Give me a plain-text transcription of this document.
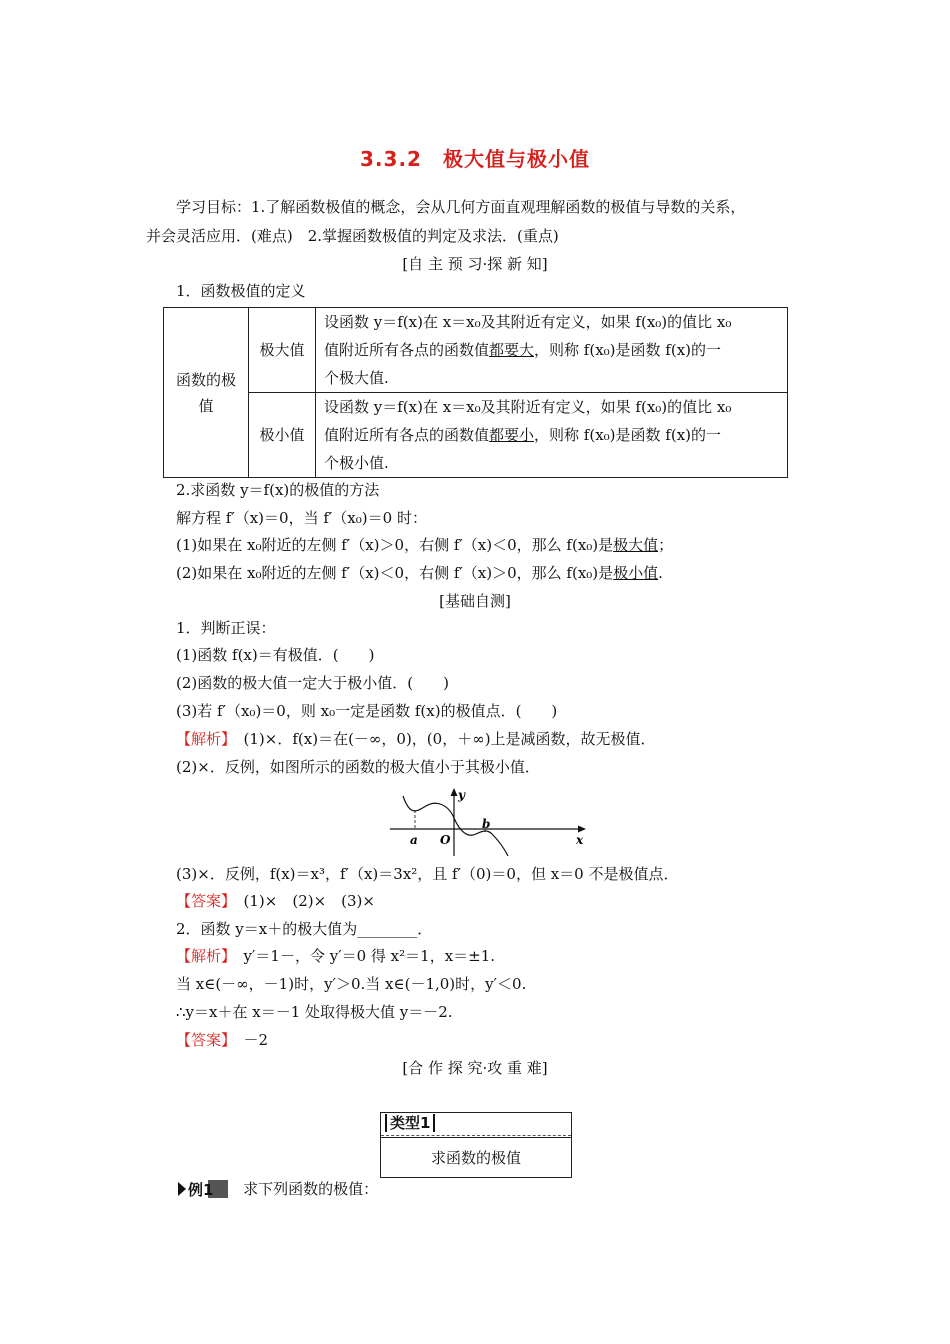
3.3.2　极大值与极小值
学习目标：1.了解函数极值的概念，会从几何方面直观理解函数的极值与导数的关系，
并会灵活应用．(难点)　2.掌握函数极值的判定及求法．(重点)
[自 主 预 习·探 新 知]
1．函数极值的定义
函数的极
值	极大值	设函数 y＝f(x)在 x＝x₀及其附近有定义，如果 f(x₀)的值比 x₀
值附近所有各点的函数值都要大，则称 f(x₀)是函数 f(x)的一
个极大值.
	极小值	设函数 y＝f(x)在 x＝x₀及其附近有定义，如果 f(x₀)的值比 x₀
值附近所有各点的函数值都要小，则称 f(x₀)是函数 f(x)的一
个极小值.
2.求函数 y＝f(x)的极值的方法
解方程 f′（x)＝0，当 f′（x₀)＝0 时：
(1)如果在 x₀附近的左侧 f′（x)＞0，右侧 f′（x)＜0，那么 f(x₀)是极大值；
(2)如果在 x₀附近的左侧 f′（x)＜0，右侧 f′（x)＞0，那么 f(x₀)是极小值.
[基础自测]
1．判断正误：
(1)函数 f(x)＝有极值．(　　)
(2)函数的极大值一定大于极小值．(　　)
(3)若 f′（x₀)＝0，则 x₀一定是函数 f(x)的极值点．(　　)
【解析】　 (1)×．f(x)＝在(－∞，0)，(0，＋∞)上是减函数，故无极值．
(2)×．反例，如图所示的函数的极大值小于其极小值．
a O
b
x
y
(3)×．反例，f(x)＝x³，f′（x)＝3x²，且 f′（0)＝0，但 x＝0 不是极值点．
【答案】　 (1)×　(2)×　(3)×
2．函数 y＝x＋的极大值为________．
【解析】　 y′＝1－，令 y′＝0 得 x²＝1，x＝±1.
当 x∈(－∞，－1)时，y′＞0.当 x∈(－1,0)时，y′＜0.
∴y＝x＋在 x＝－1 处取得极大值 y＝－2.
【答案】　 －2
[合 作 探 究·攻 重 难]
类型1
求函数的极值
例1 求下列函数的极值：
